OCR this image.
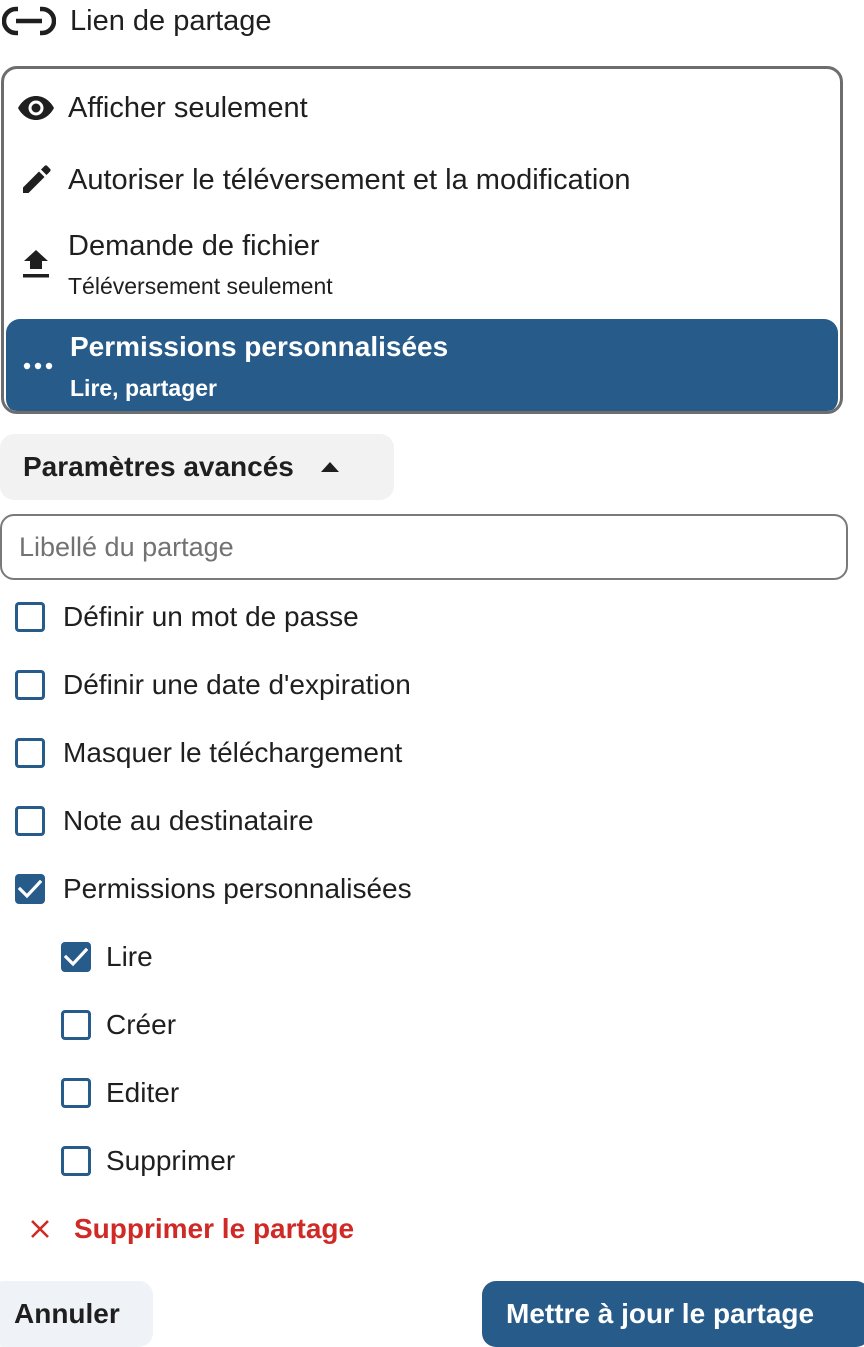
Lien de partage
Afficher seulement
Autoriser le téléversement et la modification
Demande de fichier
Téléversement seulement
Permissions personnalisées
Lire, partager
Paramètres avancés
Libellé du partage
Définir un mot de passe
Définir une date d'expiration
Masquer le téléchargement
Note au destinataire
Permissions personnalisées
Lire
Créer
Editer
Supprimer
Supprimer le partage
Annuler	Mettre à jour le partage
